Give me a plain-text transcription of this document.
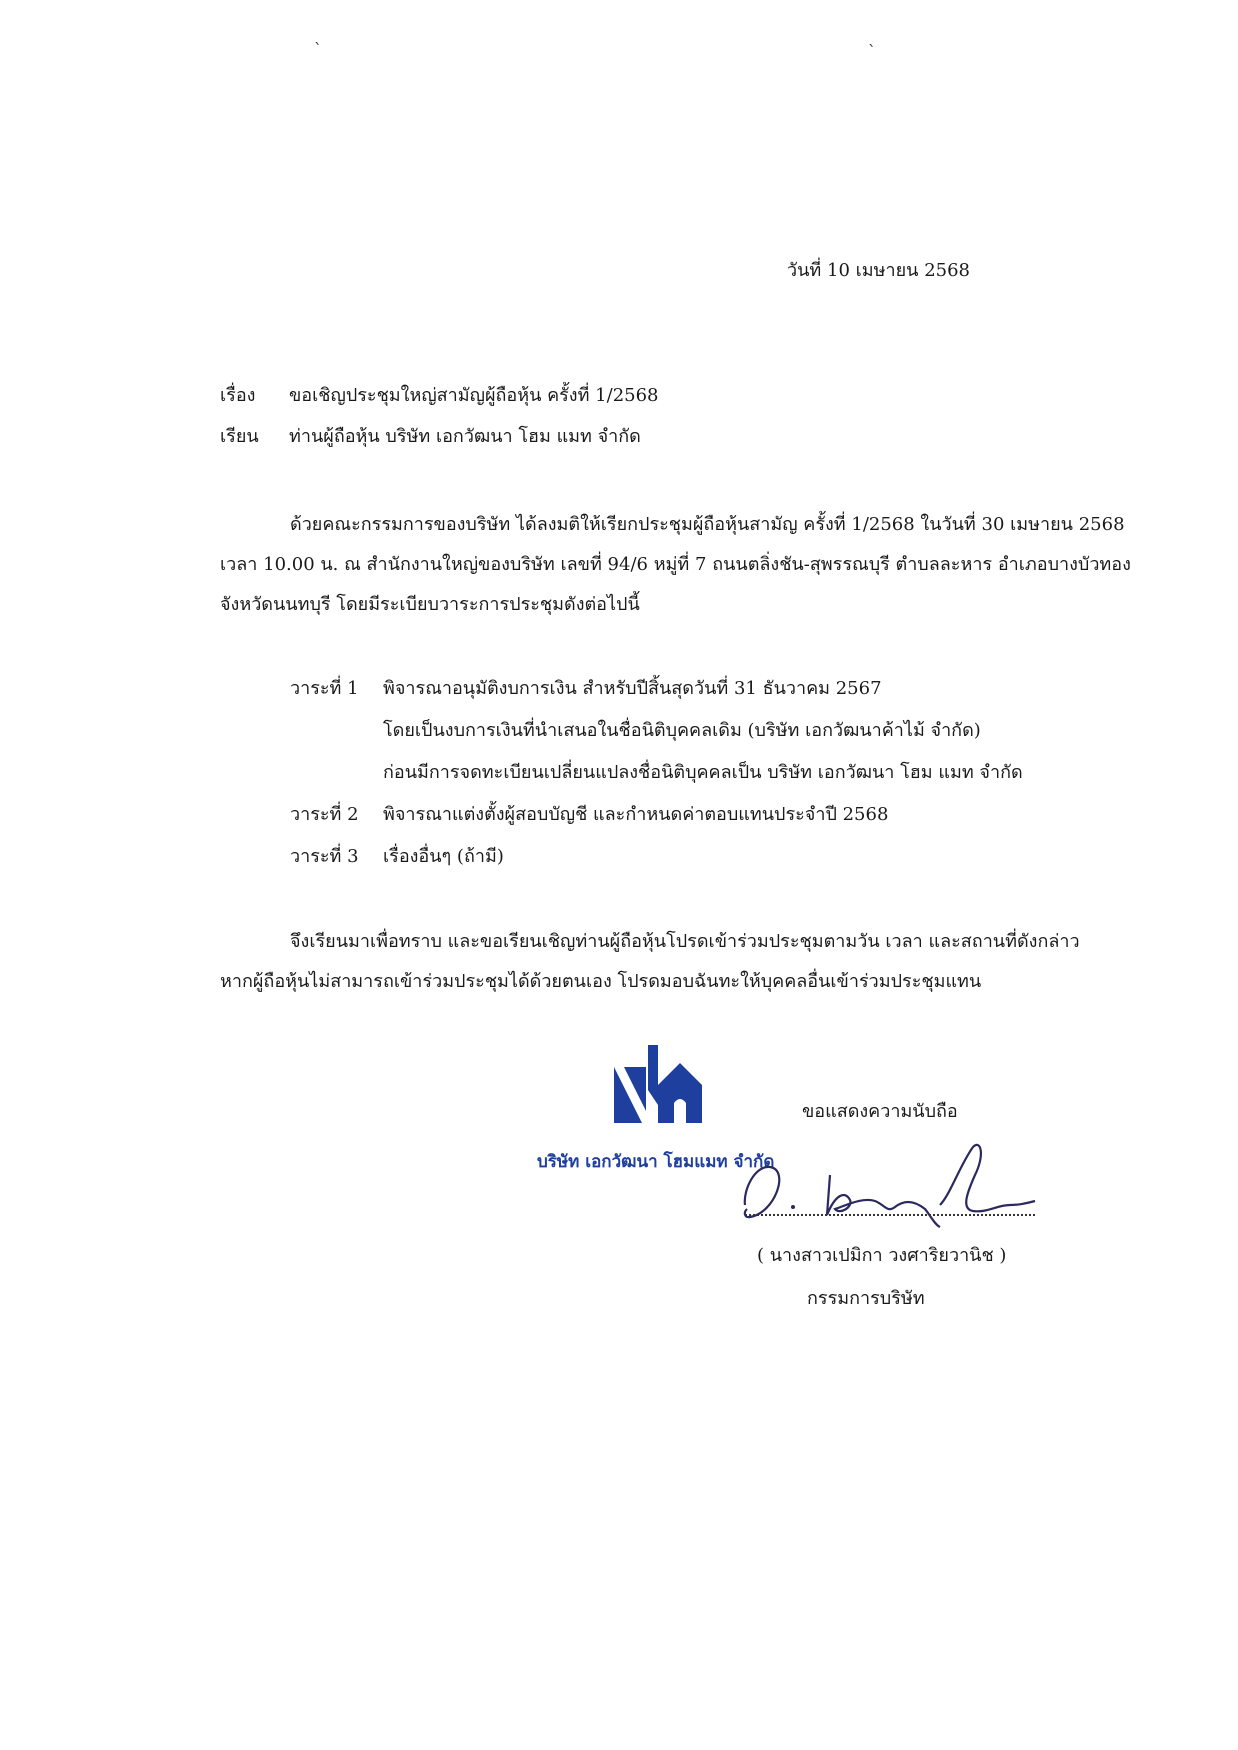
`	`
วันที่ 10 เมษายน 2568
เรื่อง ขอเชิญประชุมใหญ่สามัญผู้ถือหุ้น ครั้งที่ 1/2568
เรียน ท่านผู้ถือหุ้น บริษัท เอกวัฒนา โฮม แมท จำกัด
ด้วยคณะกรรมการของบริษัท ได้ลงมติให้เรียกประชุมผู้ถือหุ้นสามัญ ครั้งที่ 1/2568 ในวันที่ 30 เมษายน 2568
เวลา 10.00 น. ณ สำนักงานใหญ่ของบริษัท เลขที่ 94/6 หมู่ที่ 7 ถนนตลิ่งชัน-สุพรรณบุรี ตำบลละหาร อำเภอบางบัวทอง
จังหวัดนนทบุรี โดยมีระเบียบวาระการประชุมดังต่อไปนี้
วาระที่ 1 พิจารณาอนุมัติงบการเงิน สำหรับปีสิ้นสุดวันที่ 31 ธันวาคม 2567
โดยเป็นงบการเงินที่นำเสนอในชื่อนิติบุคคลเดิม (บริษัท เอกวัฒนาค้าไม้ จำกัด)
ก่อนมีการจดทะเบียนเปลี่ยนแปลงชื่อนิติบุคคลเป็น บริษัท เอกวัฒนา โฮม แมท จำกัด
วาระที่ 2 พิจารณาแต่งตั้งผู้สอบบัญชี และกำหนดค่าตอบแทนประจำปี 2568
วาระที่ 3 เรื่องอื่นๆ (ถ้ามี)
จึงเรียนมาเพื่อทราบ และขอเรียนเชิญท่านผู้ถือหุ้นโปรดเข้าร่วมประชุมตามวัน เวลา และสถานที่ดังกล่าว
หากผู้ถือหุ้นไม่สามารถเข้าร่วมประชุมได้ด้วยตนเอง โปรดมอบฉันทะให้บุคคลอื่นเข้าร่วมประชุมแทน
บริษัท เอกวัฒนา โฮมแมท จำกัด
ขอแสดงความนับถือ
( นางสาวเปมิกา วงศาริยวานิช )
กรรมการบริษัท
